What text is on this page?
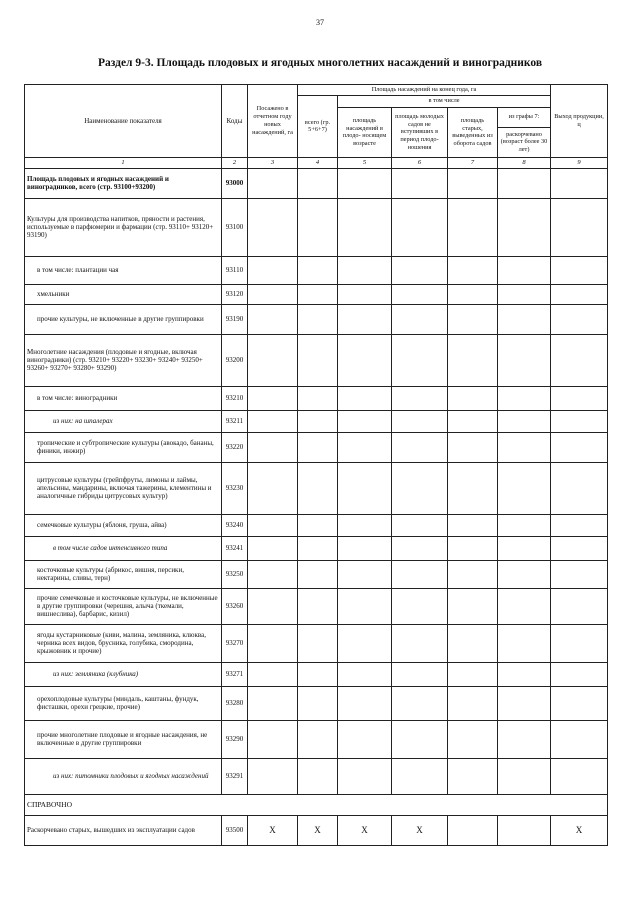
37
Раздел 9-3. Площадь плодовых и ягодных многолетних насаждений и виноградников
Наименование показателя	Коды	Посажено в отчетном году новых насаждений, га	Площадь насаждений на конец года, га					Выход продукции, ц
			всего (гр. 5+6+7)	в том числе				
				площадь насаждений в плодо- носящем возрасте	площадь молодых садов не вступивших в период плодо- ношения	площадь старых, выведенных из оборота садов	из графы 7:	
							раскорчевано (возраст более 30 лет)	
1	2	3	4	5	6	7	8	9
Площадь плодовых и ягодных насаждений и виноградников, всего (стр. 93100+93200)	93000							
Культуры для производства напитков, пряности и растения, используемые в парфюмерии и фармации (стр. 93110+ 93120+ 93190)	93100							
в том числе: плантации чая	93110							
хмельники	93120							
прочие культуры, не включенные в другие группировки	93190							
Многолетние насаждения (плодовые и ягодные, включая виноградники) (стр. 93210+ 93220+ 93230+ 93240+ 93250+ 93260+ 93270+ 93280+ 93290)	93200							
в том числе: виноградники	93210							
из них: на шпалерах	93211							
тропические и субтропические культуры (авокадо, бананы, финики, инжир)	93220							
цитрусовые культуры (грейпфруты, лимоны и лаймы, апельсины, мандарины, включая тажерины, клементины и аналогичные гибриды цитрусовых культур)	93230							
семечковые культуры (яблоня, груша, айва)	93240							
в том числе садов интенсивного типа	93241							
косточковые культуры (абрикос, вишня, персики, нектарины, сливы, терн)	93250							
прочие семечковые и косточковые культуры, не включенные в другие группировки (черешня, алыча (ткемали, вишнеслива), барбарис, кизил)	93260							
ягоды кустарниковые (киви, малина, земляника, клюква, черника всех видов, брусника, голубика, смородина, крыжовник и прочие)	93270							
из них: земляника (клубника)	93271							
орехоплодовые культуры (миндаль, каштаны, фундук, фисташки, орехи грецкие, прочие)	93280							
прочие многолетние плодовые и ягодные насаждения, не включенные в другие группировки	93290							
из них: питомники плодовых и ягодных насаждений	93291							
СПРАВОЧНО								
Раскорчевано старых, вышедших из эксплуатации садов	93500	X	X	X	X			X
